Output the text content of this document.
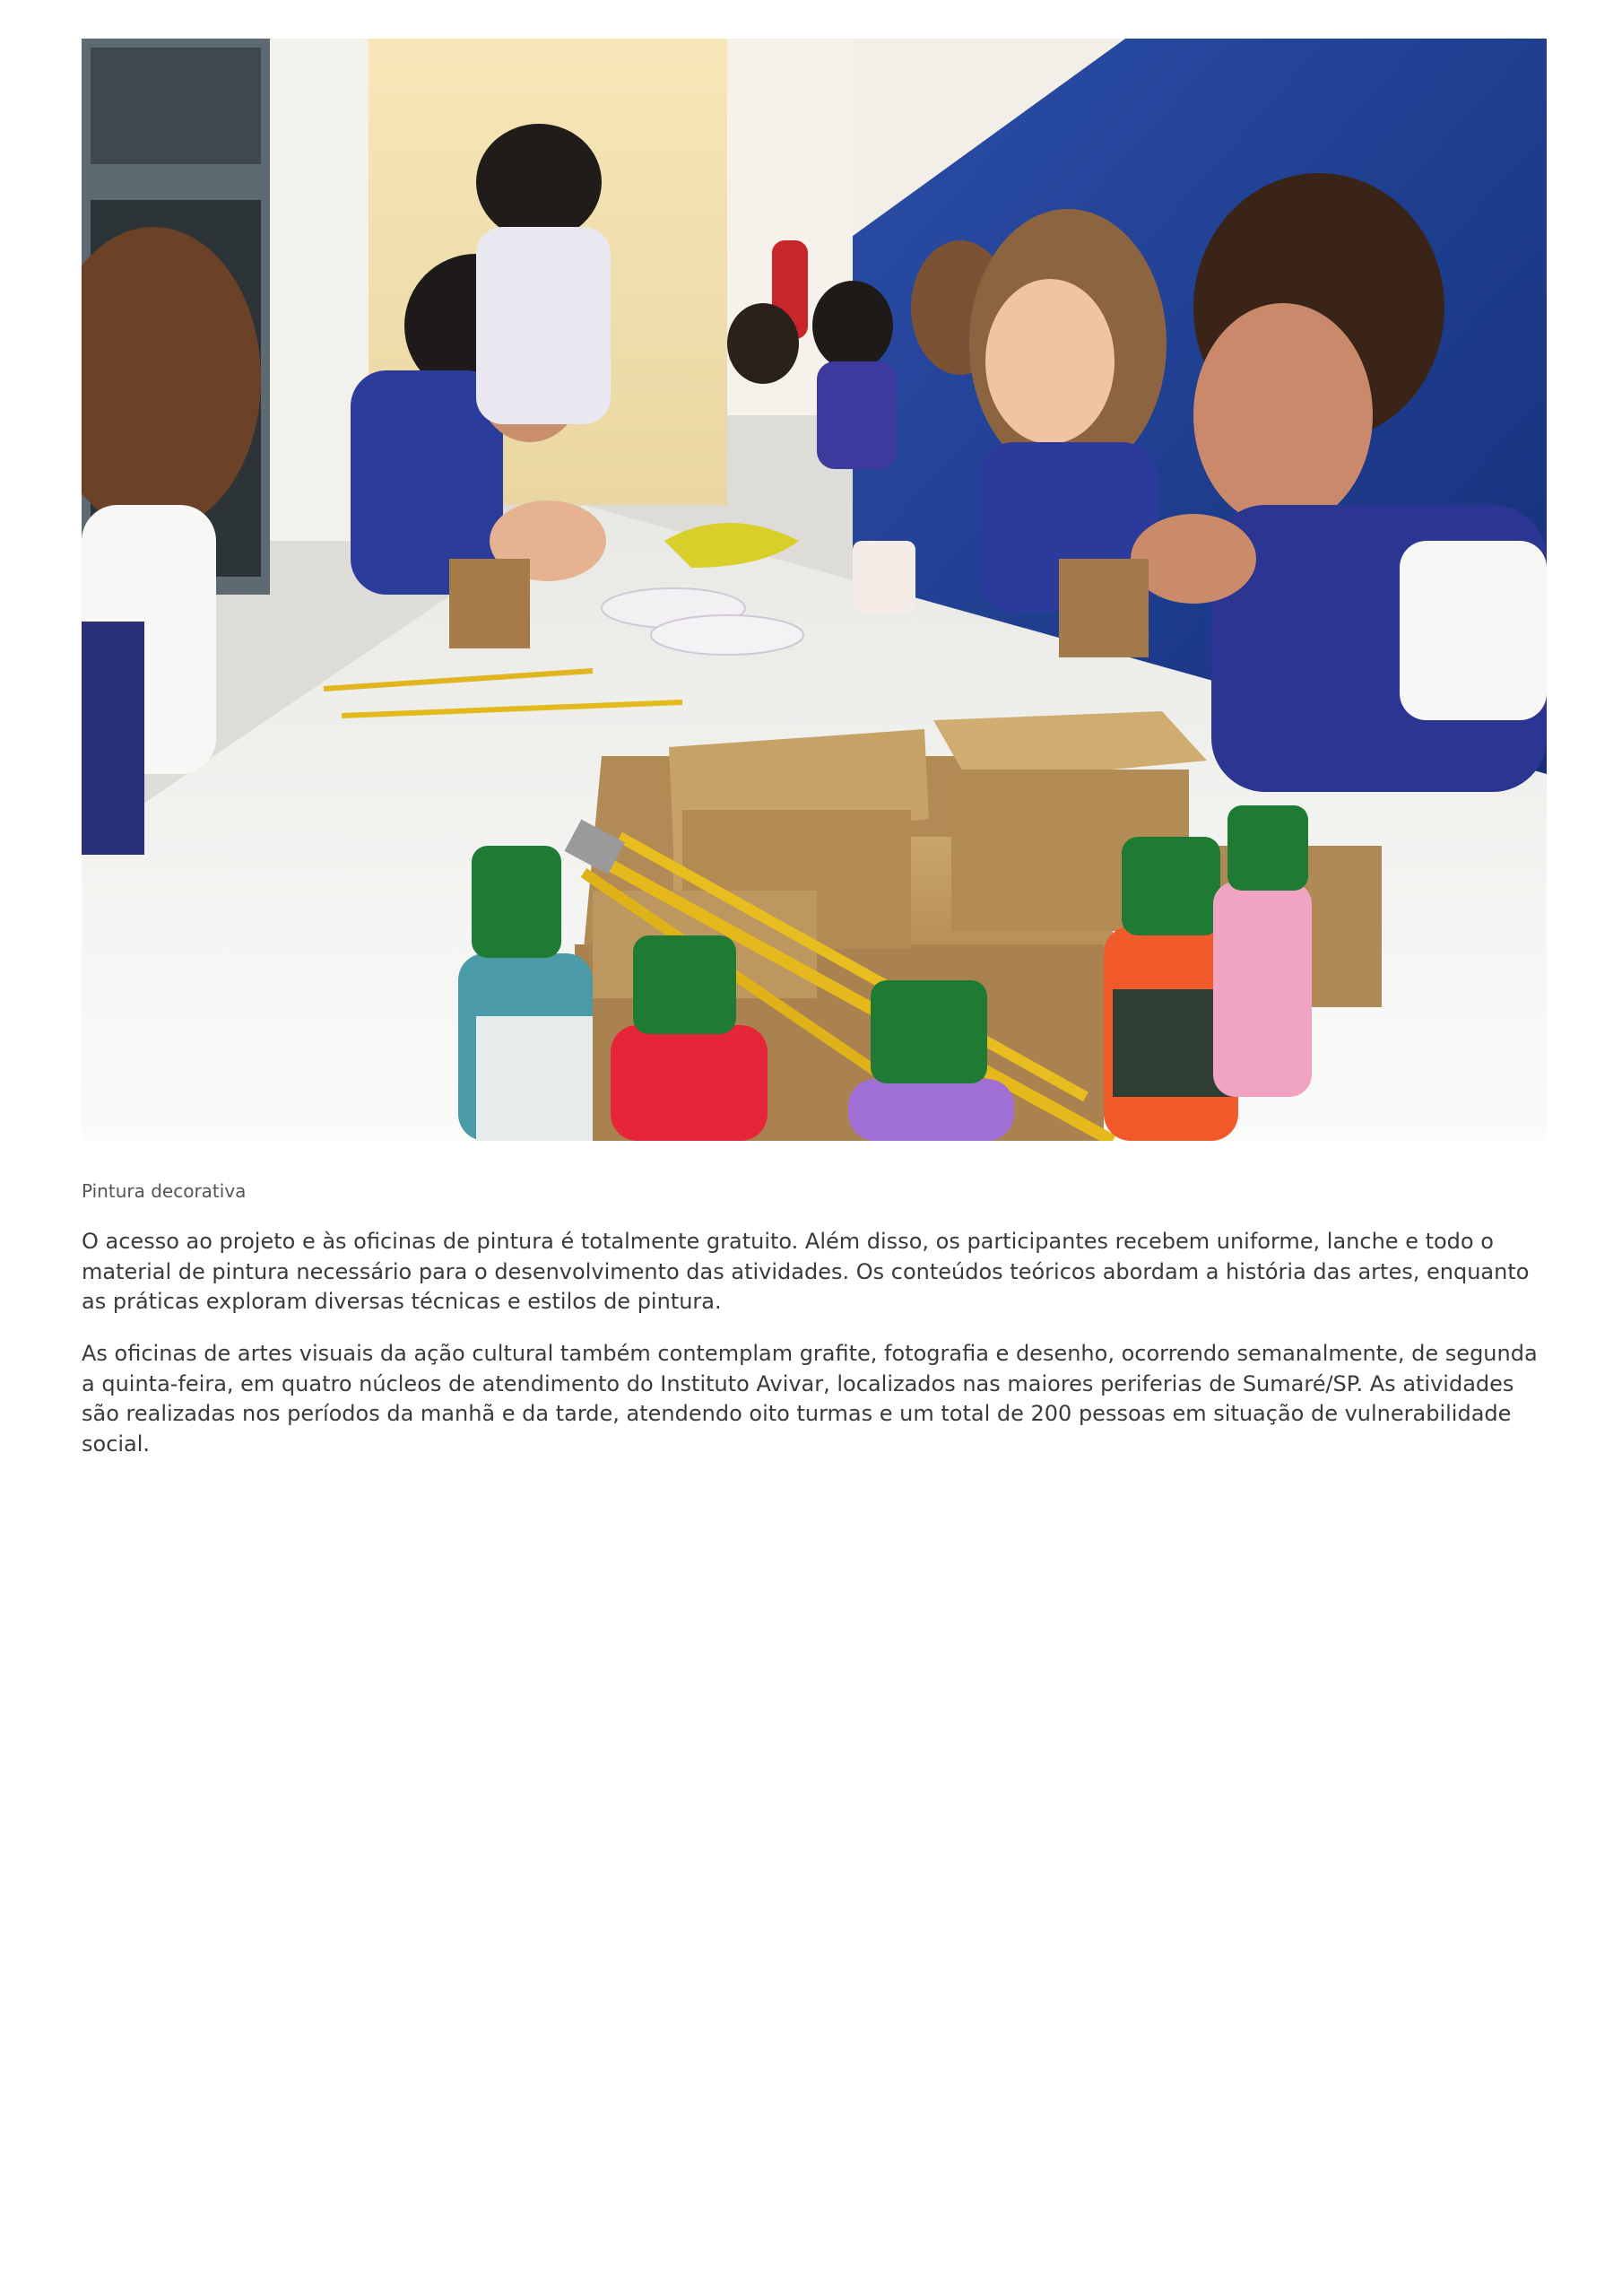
Pintura decorativa

O acesso ao projeto e às oficinas de pintura é totalmente gratuito. Além disso, os participantes recebem uniforme, lanche e todo o material de pintura necessário para o desenvolvimento das atividades. Os conteúdos teóricos abordam a história das artes, enquanto as práticas exploram diversas técnicas e estilos de pintura.

As oficinas de artes visuais da ação cultural também contemplam grafite, fotografia e desenho, ocorrendo semanalmente, de segunda a quinta-feira, em quatro núcleos de atendimento do Instituto Avivar, localizados nas maiores periferias de Sumaré/SP. As atividades são realizadas nos períodos da manhã e da tarde, atendendo oito turmas e um total de 200 pessoas em situação de vulnerabilidade social.
